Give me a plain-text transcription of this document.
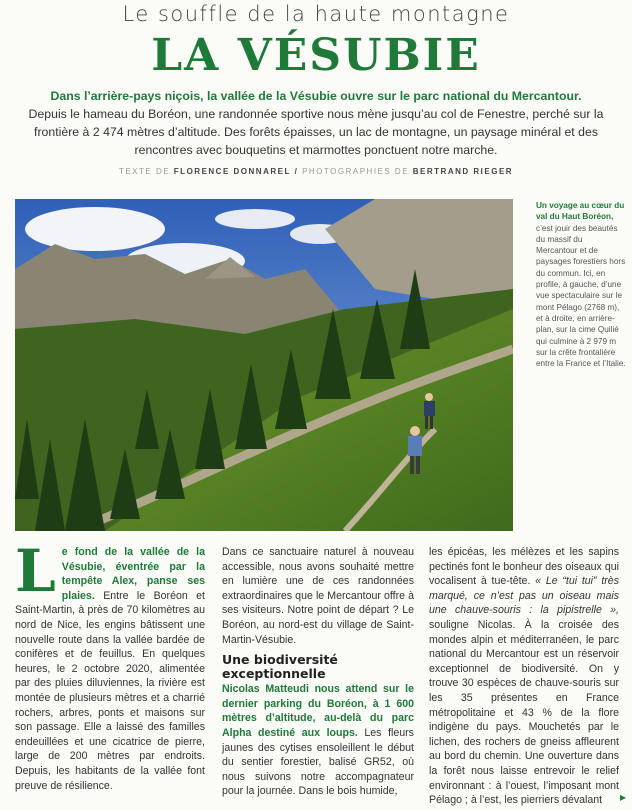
Le souffle de la haute montagne
LA VÉSUBIE
Dans l’arrière-pays niçois, la vallée de la Vésubie ouvre sur le parc national du Mercantour.
Depuis le hameau du Boréon, une randonnée sportive nous mène jusqu’au col de Fenestre, perché sur la frontière à 2 474 mètres d’altitude. Des forêts épaisses, un lac de montagne, un paysage minéral et des rencontres avec bouquetins et marmottes ponctuent notre marche.
TEXTE DE FLORENCE DONNAREL / PHOTOGRAPHIES DE BERTRAND RIEGER
Un voyage au cœur du val du Haut Boréon, c’est jouir des beautés du massif du Mercantour et de paysages forestiers hors du commun. Ici, en profile, à gauche, d’une vue spectaculaire sur le mont Pélago (2768 m), et à droite, en arrière-plan, sur la cime Quilié qui culmine à 2 979 m sur la crête frontalière entre la France et l’Italie.

L e fond de la vallée de la Vésubie, éventrée par la tempête Alex, panse ses plaies. Entre le Boréon et Saint-Martin, à près de 70 kilomètres au nord de Nice, les engins bâtissent une nouvelle route dans la vallée bardée de conifères et de feuillus. En quelques heures, le 2 octobre 2020, alimentée par des pluies diluviennes, la rivière est montée de plusieurs mètres et a charrié rochers, arbres, ponts et maisons sur son passage. Elle a laissé des familles endeuillées et une cicatrice de pierre, large de 200 mètres par endroits. Depuis, les habitants de la vallée font preuve de résilience.

Dans ce sanctuaire naturel à nouveau accessible, nous avons souhaité mettre en lumière une de ces randonnées extraordinaires que le Mercantour offre à ses visiteurs. Notre point de départ ? Le Boréon, au nord-est du village de Saint-Martin-Vésubie.

Une biodiversité exceptionnelle

Nicolas Matteudi nous attend sur le dernier parking du Boréon, à 1 600 mètres d’altitude, au-delà du parc Alpha destiné aux loups. Les fleurs jaunes des cytises ensoleillent le début du sentier forestier, balisé GR52, où nous suivons notre accompagnateur pour la journée. Dans le bois humide,

les épicéas, les mélèzes et les sapins pectinés font le bonheur des oiseaux qui vocalisent à tue-tête. « Le “tui tui” très marqué, ce n’est pas un oiseau mais une chauve-souris : la pipistrelle », souligne Nicolas. À la croisée des mondes alpin et méditerranéen, le parc national du Mercantour est un réservoir exceptionnel de biodiversité. On y trouve 30 espèces de chauve-souris sur les 35 présentes en France métropolitaine et 43 % de la flore indigène du pays. Mouchetés par le lichen, des rochers de gneiss affleurent au bord du chemin. Une ouverture dans la forêt nous laisse entrevoir le relief environnant : à l’ouest, l’imposant mont Pélago ; à l’est, les pierriers dévalant	▸
